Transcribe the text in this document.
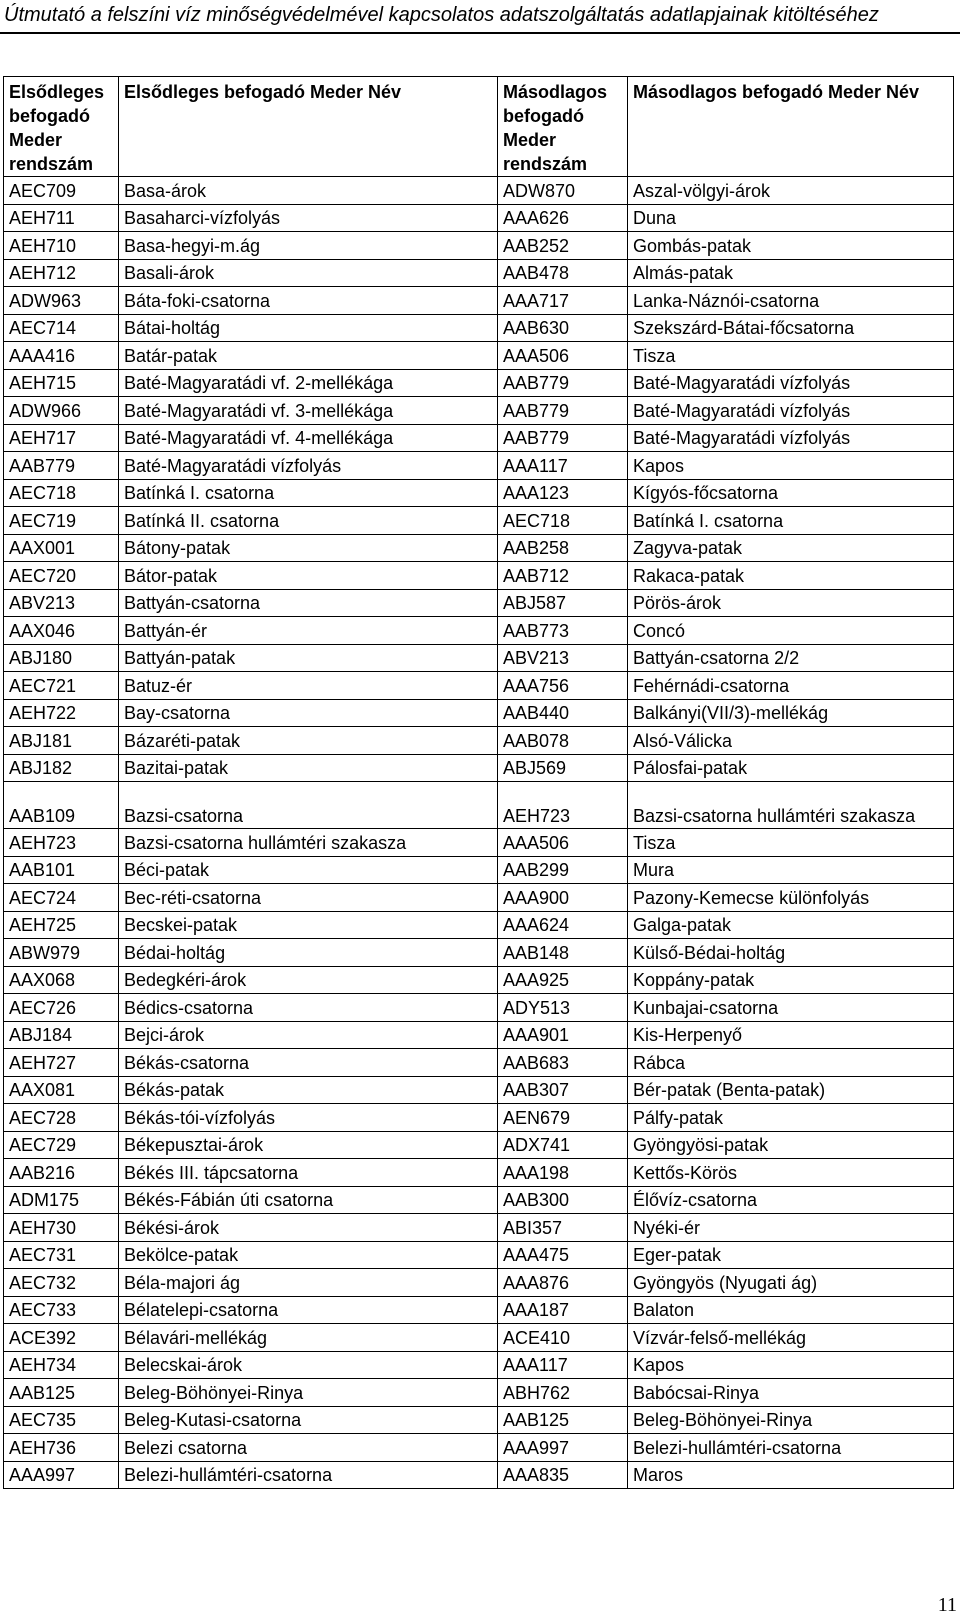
Útmutató a felszíni víz minőségvédelmével kapcsolatos adatszolgáltatás adatlapjainak kitöltéséhez
Elsődleges befogadó Meder rendszám	Elsődleges befogadó Meder Név	Másodlagos befogadó Meder rendszám	Másodlagos befogadó Meder Név
AEC709	Basa-árok	ADW870	Aszal-völgyi-árok
AEH711	Basaharci-vízfolyás	AAA626	Duna
AEH710	Basa-hegyi-m.ág	AAB252	Gombás-patak
AEH712	Basali-árok	AAB478	Almás-patak
ADW963	Báta-foki-csatorna	AAA717	Lanka-Náznói-csatorna
AEC714	Bátai-holtág	AAB630	Szekszárd-Bátai-főcsatorna
AAA416	Batár-patak	AAA506	Tisza
AEH715	Baté-Magyaratádi vf. 2-mellékága	AAB779	Baté-Magyaratádi vízfolyás
ADW966	Baté-Magyaratádi vf. 3-mellékága	AAB779	Baté-Magyaratádi vízfolyás
AEH717	Baté-Magyaratádi vf. 4-mellékága	AAB779	Baté-Magyaratádi vízfolyás
AAB779	Baté-Magyaratádi vízfolyás	AAA117	Kapos
AEC718	Batínká I. csatorna	AAA123	Kígyós-főcsatorna
AEC719	Batínká II. csatorna	AEC718	Batínká I. csatorna
AAX001	Bátony-patak	AAB258	Zagyva-patak
AEC720	Bátor-patak	AAB712	Rakaca-patak
ABV213	Battyán-csatorna	ABJ587	Pörös-árok
AAX046	Battyán-ér	AAB773	Concó
ABJ180	Battyán-patak	ABV213	Battyán-csatorna 2/2
AEC721	Batuz-ér	AAA756	Fehérnádi-csatorna
AEH722	Bay-csatorna	AAB440	Balkányi(VII/3)-mellékág
ABJ181	Bázaréti-patak	AAB078	Alsó-Válicka
ABJ182	Bazitai-patak	ABJ569	Pálosfai-patak
AAB109	Bazsi-csatorna	AEH723	Bazsi-csatorna hullámtéri szakasza
AEH723	Bazsi-csatorna hullámtéri szakasza	AAA506	Tisza
AAB101	Béci-patak	AAB299	Mura
AEC724	Bec-réti-csatorna	AAA900	Pazony-Kemecse különfolyás
AEH725	Becskei-patak	AAA624	Galga-patak
ABW979	Bédai-holtág	AAB148	Külső-Bédai-holtág
AAX068	Bedegkéri-árok	AAA925	Koppány-patak
AEC726	Bédics-csatorna	ADY513	Kunbajai-csatorna
ABJ184	Bejci-árok	AAA901	Kis-Herpenyő
AEH727	Békás-csatorna	AAB683	Rábca
AAX081	Békás-patak	AAB307	Bér-patak (Benta-patak)
AEC728	Békás-tói-vízfolyás	AEN679	Pálfy-patak
AEC729	Békepusztai-árok	ADX741	Gyöngyösi-patak
AAB216	Békés III. tápcsatorna	AAA198	Kettős-Körös
ADM175	Békés-Fábián úti csatorna	AAB300	Élővíz-csatorna
AEH730	Békési-árok	ABI357	Nyéki-ér
AEC731	Bekölce-patak	AAA475	Eger-patak
AEC732	Béla-majori ág	AAA876	Gyöngyös (Nyugati ág)
AEC733	Bélatelepi-csatorna	AAA187	Balaton
ACE392	Bélavári-mellékág	ACE410	Vízvár-felső-mellékág
AEH734	Belecskai-árok	AAA117	Kapos
AAB125	Beleg-Böhönyei-Rinya	ABH762	Babócsai-Rinya
AEC735	Beleg-Kutasi-csatorna	AAB125	Beleg-Böhönyei-Rinya
AEH736	Belezi csatorna	AAA997	Belezi-hullámtéri-csatorna
AAA997	Belezi-hullámtéri-csatorna	AAA835	Maros
11
